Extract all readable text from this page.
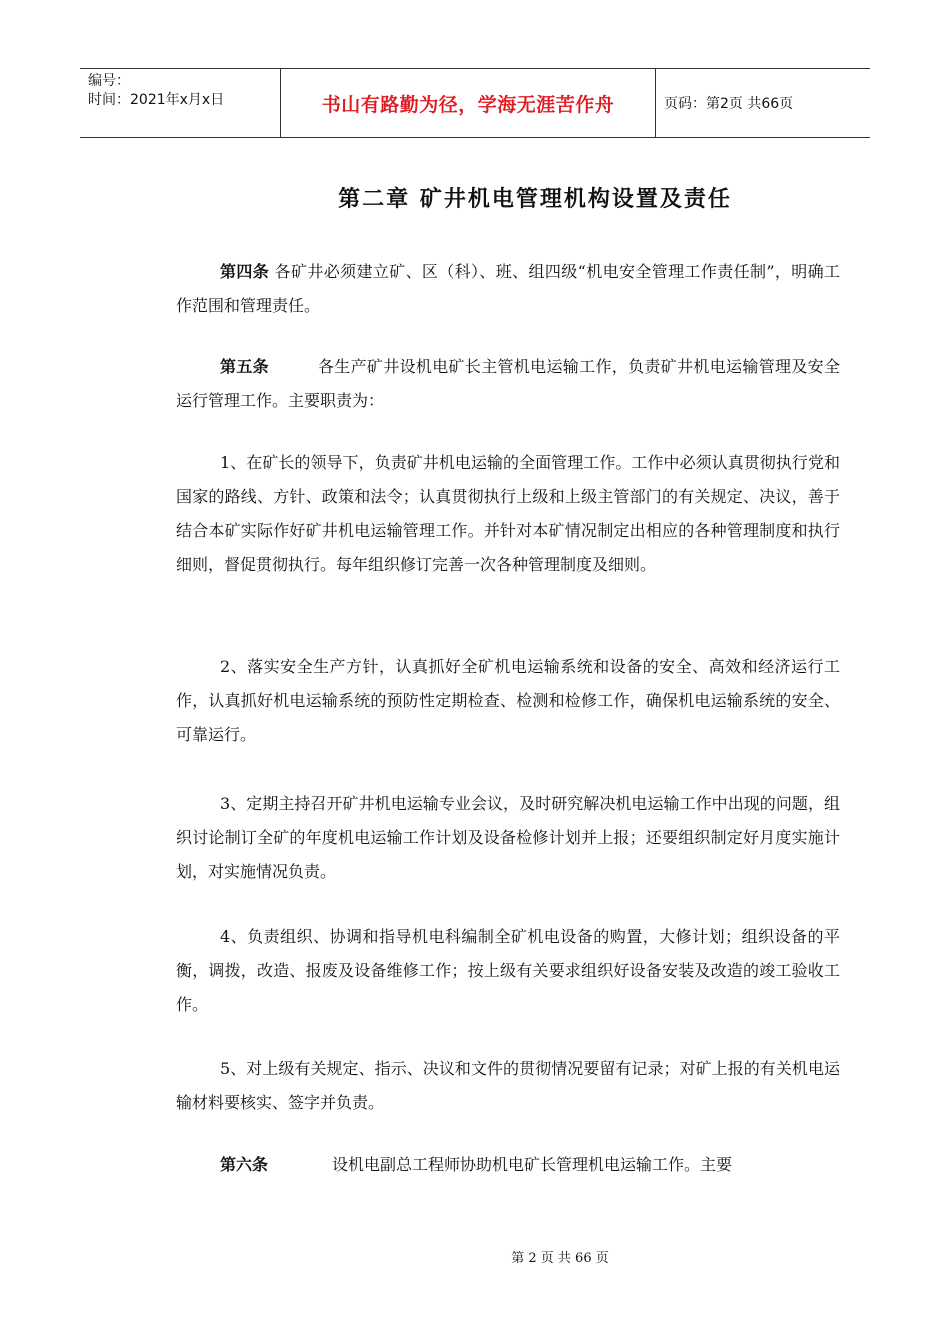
编号：
时间：2021年x月x日	书山有路勤为径，学海无涯苦作舟	页码：第2页 共66页
第二章 矿井机电管理机构设置及责任
第四条 各矿井必须建立矿、区（科）、班、组四级“机电安全管理工作责任制”，明确工作范围和管理责任。
第五条　　　各生产矿井设机电矿长主管机电运输工作，负责矿井机电运输管理及安全运行管理工作。主要职责为：
1、在矿长的领导下，负责矿井机电运输的全面管理工作。工作中必须认真贯彻执行党和国家的路线、方针、政策和法令；认真贯彻执行上级和上级主管部门的有关规定、决议，善于结合本矿实际作好矿井机电运输管理工作。并针对本矿情况制定出相应的各种管理制度和执行细则，督促贯彻执行。每年组织修订完善一次各种管理制度及细则。
2、落实安全生产方针，认真抓好全矿机电运输系统和设备的安全、高效和经济运行工作，认真抓好机电运输系统的预防性定期检查、检测和检修工作，确保机电运输系统的安全、可靠运行。
3、定期主持召开矿井机电运输专业会议，及时研究解决机电运输工作中出现的问题，组织讨论制订全矿的年度机电运输工作计划及设备检修计划并上报；还要组织制定好月度实施计划，对实施情况负责。
4、负责组织、协调和指导机电科编制全矿机电设备的购置，大修计划；组织设备的平衡，调拨，改造、报废及设备维修工作；按上级有关要求组织好设备安装及改造的竣工验收工作。
5、对上级有关规定、指示、决议和文件的贯彻情况要留有记录；对矿上报的有关机电运输材料要核实、签字并负责。
第六条　　　　设机电副总工程师协助机电矿长管理机电运输工作。主要
第 2 页 共 66 页
